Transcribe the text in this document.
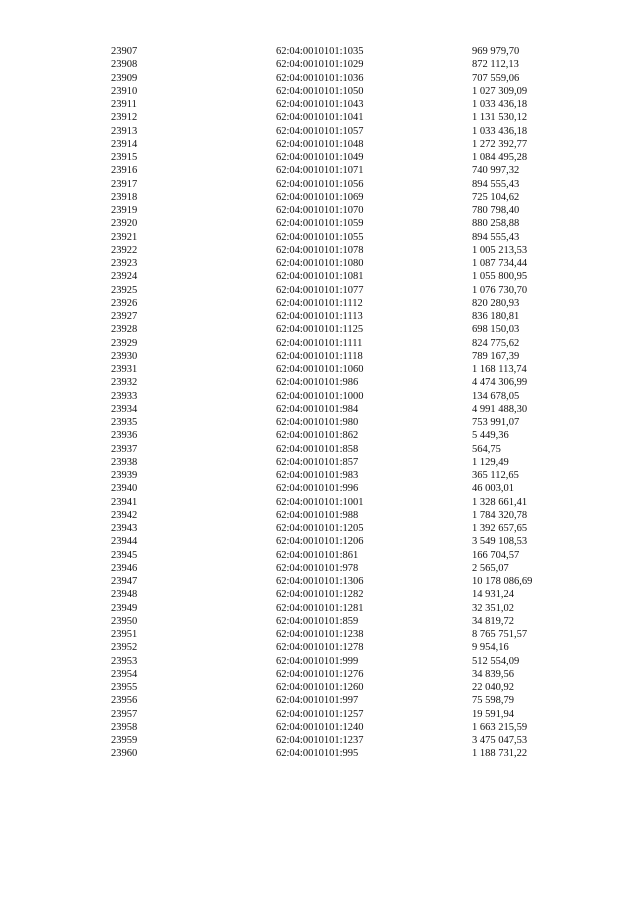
23907	62:04:0010101:1035	969 979,70
23908	62:04:0010101:1029	872 112,13
23909	62:04:0010101:1036	707 559,06
23910	62:04:0010101:1050	1 027 309,09
23911	62:04:0010101:1043	1 033 436,18
23912	62:04:0010101:1041	1 131 530,12
23913	62:04:0010101:1057	1 033 436,18
23914	62:04:0010101:1048	1 272 392,77
23915	62:04:0010101:1049	1 084 495,28
23916	62:04:0010101:1071	740 997,32
23917	62:04:0010101:1056	894 555,43
23918	62:04:0010101:1069	725 104,62
23919	62:04:0010101:1070	780 798,40
23920	62:04:0010101:1059	880 258,88
23921	62:04:0010101:1055	894 555,43
23922	62:04:0010101:1078	1 005 213,53
23923	62:04:0010101:1080	1 087 734,44
23924	62:04:0010101:1081	1 055 800,95
23925	62:04:0010101:1077	1 076 730,70
23926	62:04:0010101:1112	820 280,93
23927	62:04:0010101:1113	836 180,81
23928	62:04:0010101:1125	698 150,03
23929	62:04:0010101:1111	824 775,62
23930	62:04:0010101:1118	789 167,39
23931	62:04:0010101:1060	1 168 113,74
23932	62:04:0010101:986	4 474 306,99
23933	62:04:0010101:1000	134 678,05
23934	62:04:0010101:984	4 991 488,30
23935	62:04:0010101:980	753 991,07
23936	62:04:0010101:862	5 449,36
23937	62:04:0010101:858	564,75
23938	62:04:0010101:857	1 129,49
23939	62:04:0010101:983	365 112,65
23940	62:04:0010101:996	46 003,01
23941	62:04:0010101:1001	1 328 661,41
23942	62:04:0010101:988	1 784 320,78
23943	62:04:0010101:1205	1 392 657,65
23944	62:04:0010101:1206	3 549 108,53
23945	62:04:0010101:861	166 704,57
23946	62:04:0010101:978	2 565,07
23947	62:04:0010101:1306	10 178 086,69
23948	62:04:0010101:1282	14 931,24
23949	62:04:0010101:1281	32 351,02
23950	62:04:0010101:859	34 819,72
23951	62:04:0010101:1238	8 765 751,57
23952	62:04:0010101:1278	9 954,16
23953	62:04:0010101:999	512 554,09
23954	62:04:0010101:1276	34 839,56
23955	62:04:0010101:1260	22 040,92
23956	62:04:0010101:997	75 598,79
23957	62:04:0010101:1257	19 591,94
23958	62:04:0010101:1240	1 663 215,59
23959	62:04:0010101:1237	3 475 047,53
23960	62:04:0010101:995	1 188 731,22
